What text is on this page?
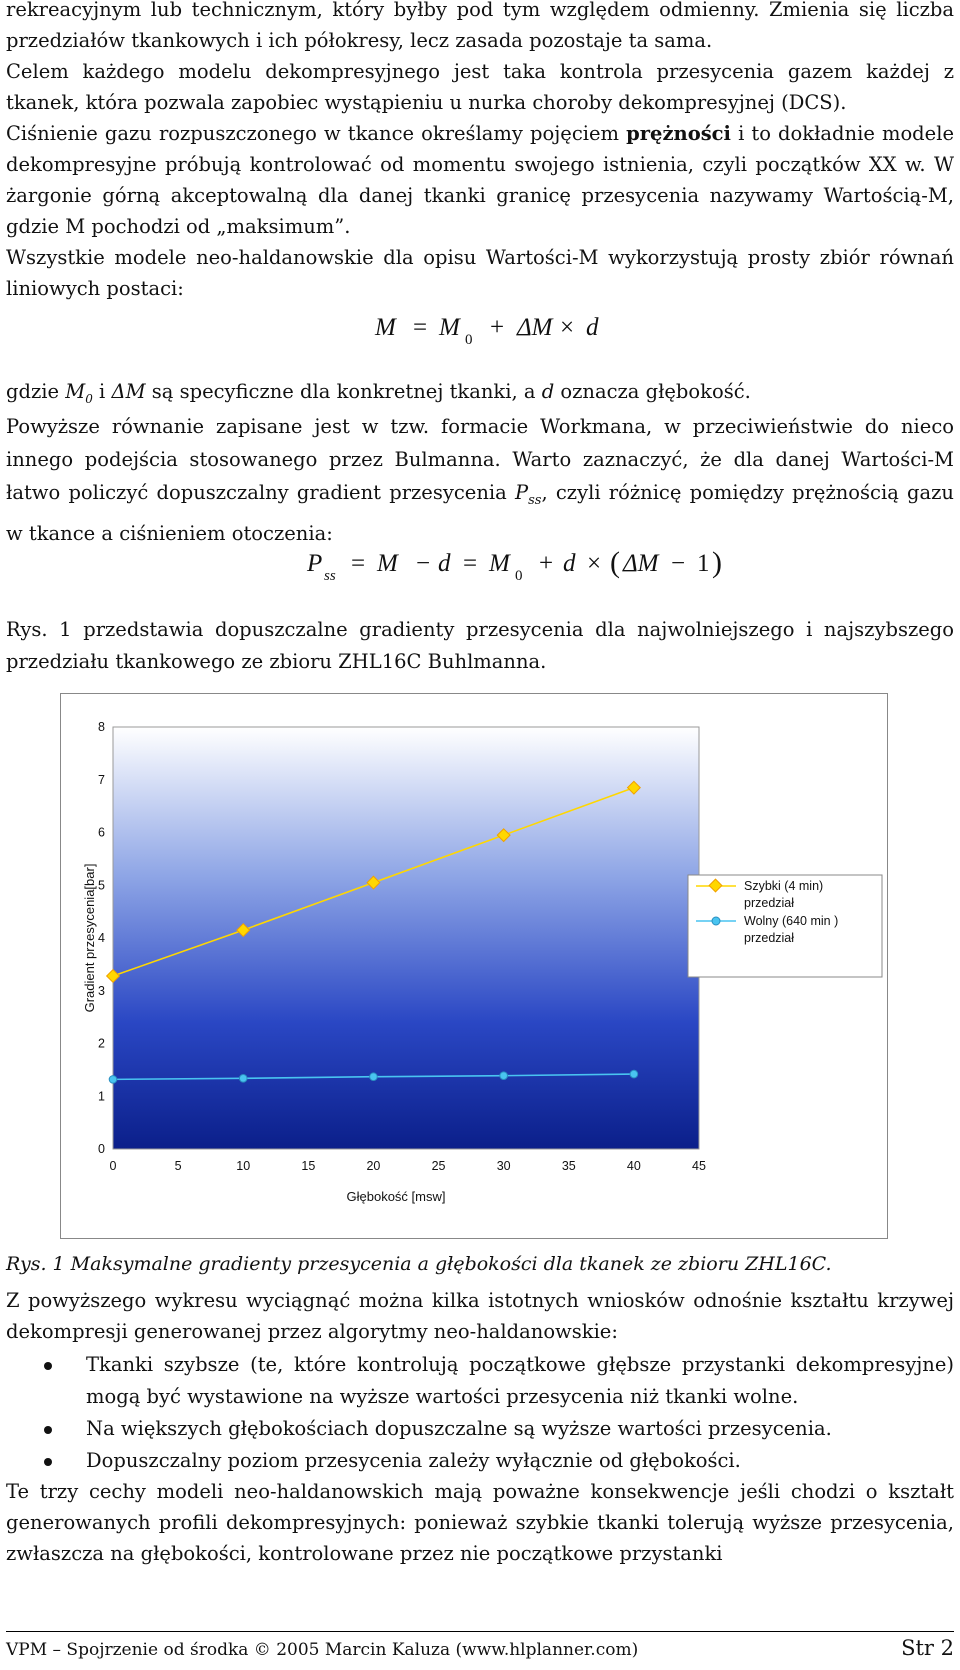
rekreacyjnym lub technicznym, który byłby pod tym względem odmienny. Zmienia się liczba przedziałów tkankowych i ich półokresy, lecz zasada pozostaje ta sama.

Celem każdego modelu dekompresyjnego jest taka kontrola przesycenia gazem każdej z tkanek, która pozwala zapobiec wystąpieniu u nurka choroby dekompresyjnej (DCS).

Ciśnienie gazu rozpuszczonego w tkance określamy pojęciem prężności i to dokładnie modele dekompresyjne próbują kontrolować od momentu swojego istnienia, czyli początków XX w. W żargonie górną akceptowalną dla danej tkanki granicę przesycenia nazywamy Wartością-M, gdzie M pochodzi od „maksimum”.

Wszystkie modele neo-haldanowskie dla opisu Wartości-M wykorzystują prosty zbiór równań liniowych postaci:

M = M 0 + ΔM × d

gdzie $M_0$ i ΔM są specyficzne dla konkretnej tkanki, a d oznacza głębokość.

Powyższe równanie zapisane jest w tzw. formacie Workmana, w przeciwieństwie do nieco innego podejścia stosowanego przez Bulmanna. Warto zaznaczyć, że dla danej Wartości-M łatwo policzyć dopuszczalny gradient przesycenia $P_{ss}$, czyli różnicę pomiędzy prężnością gazu w tkance a ciśnieniem otoczenia:

P ss = M − d = M 0 + d × ( ΔM − 1 )

Rys. 1 przedstawia dopuszczalne gradienty przesycenia dla najwolniejszego i najszybszego przedziału tkankowego ze zbioru ZHL16C Buhlmanna.

0
1
2
3
4
5
6
7
8
0	5	10	15	20	25	30	35	40	45
Głębokość [msw]
Gradient przesycenia[bar]	Szybki (4 min)
przedział
Wolny (640 min )
przedział
Rys. 1 Maksymalne gradienty przesycenia a głębokości dla tkanek ze zbioru ZHL16C.

Z powyższego wykresu wyciągnąć można kilka istotnych wniosków odnośnie kształtu krzywej dekompresji generowanej przez algorytmy neo-haldanowskie:

Tkanki szybsze (te, które kontrolują początkowe głębsze przystanki dekompresyjne) mogą być wystawione na wyższe wartości przesycenia niż tkanki wolne.
Na większych głębokościach dopuszczalne są wyższe wartości przesycenia.
Dopuszczalny poziom przesycenia zależy wyłącznie od głębokości.

Te trzy cechy modeli neo-haldanowskich mają poważne konsekwencje jeśli chodzi o kształt generowanych profili dekompresyjnych: ponieważ szybkie tkanki tolerują wyższe przesycenia, zwłaszcza na głębokości, kontrolowane przez nie początkowe przystanki

VPM – Spojrzenie od środka © 2005 Marcin Kaluza (www.hlplanner.com)	Str 2
